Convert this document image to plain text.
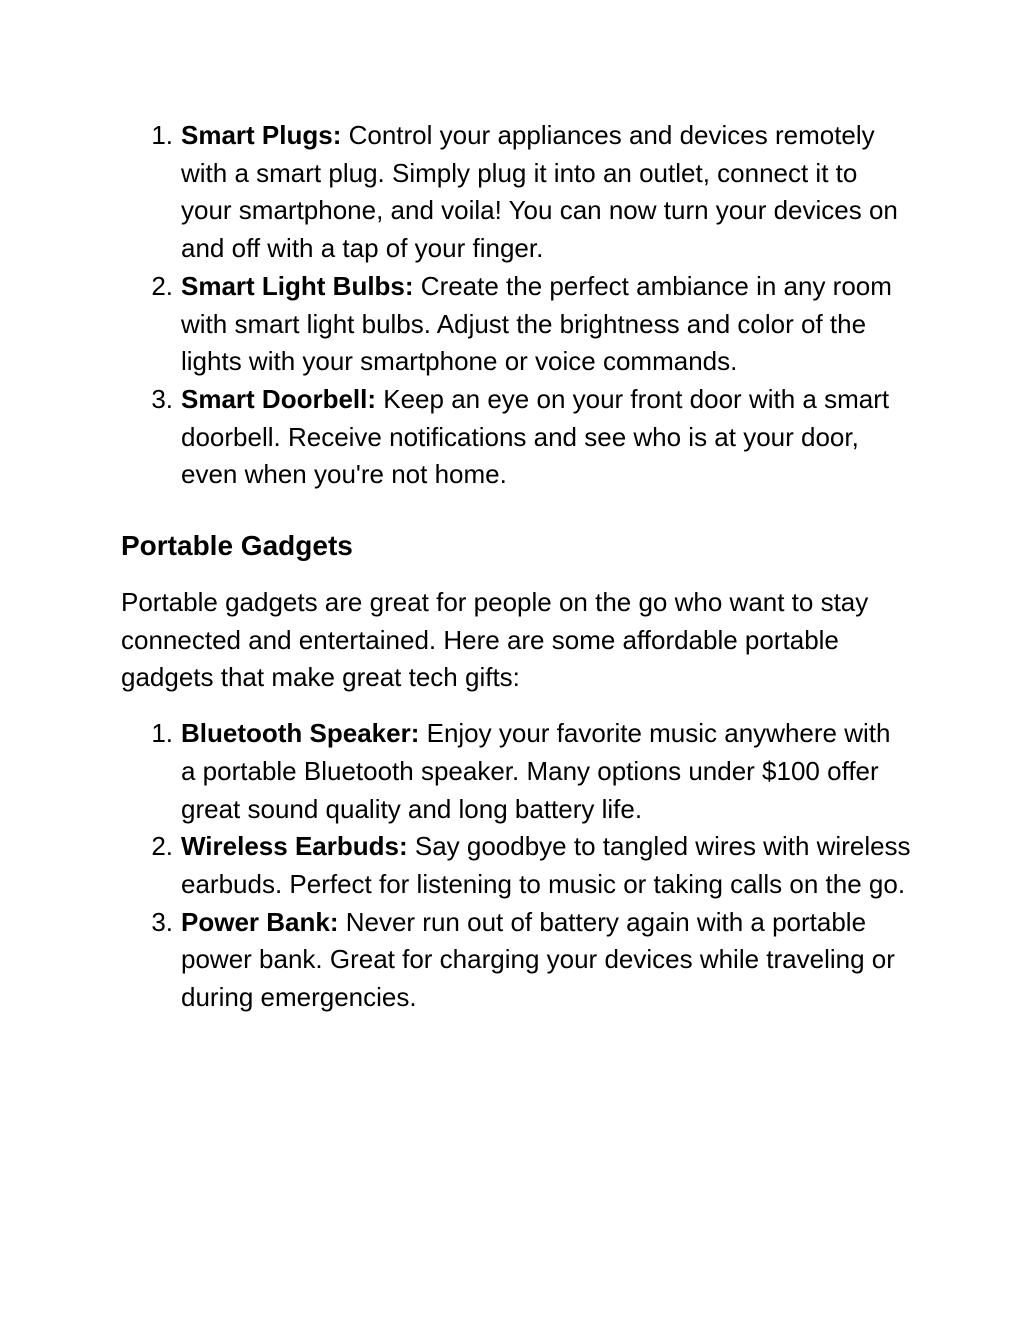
1. Smart Plugs: Control your appliances and devices remotely with a smart plug. Simply plug it into an outlet, connect it to your smartphone, and voila! You can now turn your devices on and off with a tap of your finger.
2. Smart Light Bulbs: Create the perfect ambiance in any room with smart light bulbs. Adjust the brightness and color of the lights with your smartphone or voice commands.
3. Smart Doorbell: Keep an eye on your front door with a smart doorbell. Receive notifications and see who is at your door, even when you're not home.
Portable Gadgets

Portable gadgets are great for people on the go who want to stay connected and entertained. Here are some affordable portable gadgets that make great tech gifts:

1. Bluetooth Speaker: Enjoy your favorite music anywhere with a portable Bluetooth speaker. Many options under $100 offer great sound quality and long battery life.
2. Wireless Earbuds: Say goodbye to tangled wires with wireless earbuds. Perfect for listening to music or taking calls on the go.
3. Power Bank: Never run out of battery again with a portable power bank. Great for charging your devices while traveling or during emergencies.
